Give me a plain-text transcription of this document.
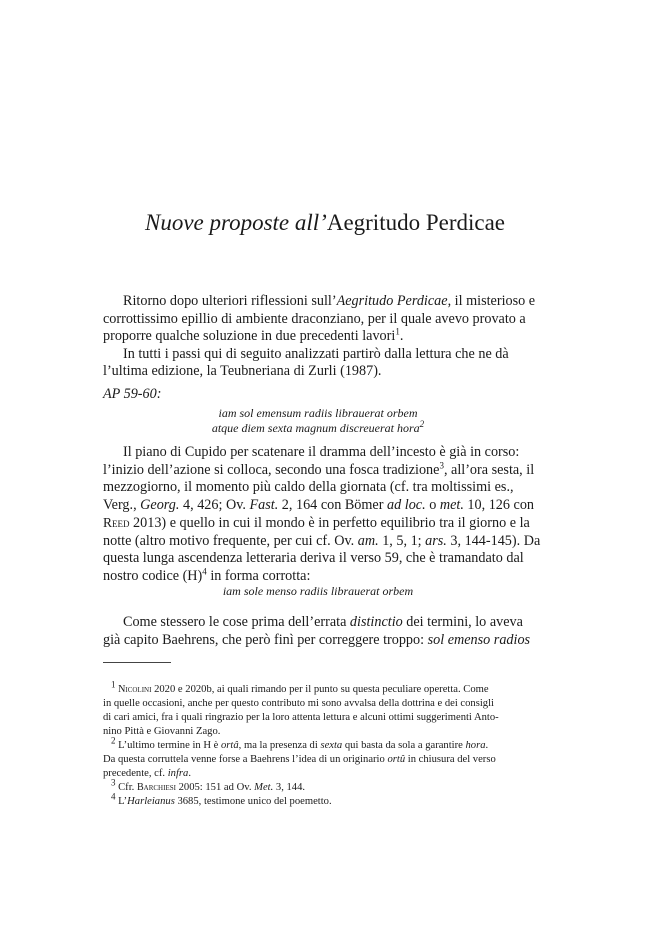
Nuove proposte all’Aegritudo Perdicae
Ritorno dopo ulteriori riflessioni sull’Aegritudo Perdicae, il misterioso e
corrottissimo epillio di ambiente draconziano, per il quale avevo provato a
proporre qualche soluzione in due precedenti lavori$^1$.
In tutti i passi qui di seguito analizzati partirò dalla lettura che ne dà
l’ultima edizione, la Teubneriana di Zurli (1987).
AP 59-60:
iam sol emensum radiis librauerat orbem
atque diem sexta magnum discreuerat hora$^2$
Il piano di Cupido per scatenare il dramma dell’incesto è già in corso:
l’inizio dell’azione si colloca, secondo una fosca tradizione$^3$, all’ora sesta, il
mezzogiorno, il momento più caldo della giornata (cf. tra moltissimi es.,
Verg., Georg. 4, 426; Ov. Fast. 2, 164 con Bömer ad loc. o met. 10, 126 con
Reed 2013) e quello in cui il mondo è in perfetto equilibrio tra il giorno e la
notte (altro motivo frequente, per cui cf. Ov. am. 1, 5, 1; ars. 3, 144-145). Da
questa lunga ascendenza letteraria deriva il verso 59, che è tramandato dal
nostro codice $(H)^4$ in forma corrotta:
iam sole menso radiis librauerat orbem
Come stessero le cose prima dell’errata distinctio dei termini, lo aveva
già capito Baehrens, che però finì per correggere troppo: sol emenso radios
$^1$ Nicolini 2020 e 2020b, ai quali rimando per il punto su questa peculiare operetta. Come
in quelle occasioni, anche per questo contributo mi sono avvalsa della dottrina e dei consigli
di cari amici, fra i quali ringrazio per la loro attenta lettura e alcuni ottimi suggerimenti Anto-
nino Pittà e Giovanni Zago.
$^2$ L’ultimo termine in H è ortâ, ma la presenza di sexta qui basta da sola a garantire hora.
Da questa corruttela venne forse a Baehrens l’idea di un originario ortû in chiusura del verso
precedente, cf. infra.
$^3$ Cfr. Barchiesi 2005: 151 ad Ov. Met. 3, 144.
$^4$ L’Harleianus 3685, testimone unico del poemetto.
